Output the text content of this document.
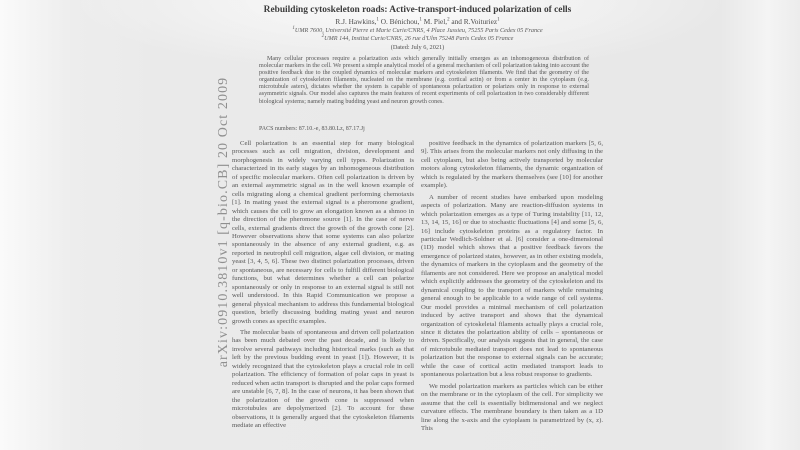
arXiv:0910.3810v1 [q-bio.CB] 20 Oct 2009
Rebuilding cytoskeleton roads: Active-transport-induced polarization of cells
R.J. Hawkins,$^1$ O. Bénichou,$^1$ M. Piel,$^2$ and R.Voituriez$^1$
$^1$UMR 7600, Université Pierre et Marie Curie/CNRS, 4 Place Jussieu, 75255 Paris Cedex 05 France
$^2$UMR 144, Institut Curie/CNRS, 26 rue d'Ulm 75248 Paris Cedex 05 France
(Dated: July 6, 2021)
Many cellular processes require a polarization axis which generally initially emerges as an inhomogeneous distribution of molecular markers in the cell. We present a simple analytical model of a general mechanism of cell polarization taking into account the positive feedback due to the coupled dynamics of molecular markers and cytoskeleton filaments. We find that the geometry of the organization of cytoskeleton filaments, nucleated on the membrane (e.g. cortical actin) or from a center in the cytoplasm (e.g. microtubule asters), dictates whether the system is capable of spontaneous polarization or polarizes only in response to external asymmetric signals. Our model also captures the main features of recent experiments of cell polarization in two considerably different biological systems; namely mating budding yeast and neuron growth cones.
PACS numbers: 87.10.-e, 83.80.Lz, 87.17.Jj

Cell polarization is an essential step for many biological processes such as cell migration, division, development and morphogenesis in widely varying cell types. Polarization is characterized in its early stages by an inhomogeneous distribution of specific molecular markers. Often cell polarization is driven by an external asymmetric signal as in the well known example of cells migrating along a chemical gradient performing chemotaxis [1]. In mating yeast the external signal is a pheromone gradient, which causes the cell to grow an elongation known as a shmoo in the direction of the pheromone source [1]. In the case of nerve cells, external gradients direct the growth of the growth cone [2]. However observations show that some systems can also polarize spontaneously in the absence of any external gradient, e.g. as reported in neutrophil cell migration, algae cell division, or mating yeast [3, 4, 5, 6]. These two distinct polarization processes, driven or spontaneous, are necessary for cells to fulfill different biological functions, but what determines whether a cell can polarize spontaneously or only in response to an external signal is still not well understood. In this Rapid Communication we propose a general physical mechanism to address this fundamental biological question, briefly discussing budding mating yeast and neuron growth cones as specific examples.

The molecular basis of spontaneous and driven cell polarization has been much debated over the past decade, and is likely to involve several pathways including historical marks (such as that left by the previous budding event in yeast [1]). However, it is widely recognized that the cytoskeleton plays a crucial role in cell polarization. The efficiency of formation of polar caps in yeast is reduced when actin transport is disrupted and the polar caps formed are unstable [6, 7, 8]. In the case of neurons, it has been shown that the polarization of the growth cone is suppressed when microtubules are depolymerized [2]. To account for these observations, it is generally argued that the cytoskeleton filaments mediate an effective

positive feedback in the dynamics of polarization markers [5, 6, 9]. This arises from the molecular markers not only diffusing in the cell cytoplasm, but also being actively transported by molecular motors along cytoskeleton filaments, the dynamic organization of which is regulated by the markers themselves (see [10] for another example).

A number of recent studies have embarked upon modeling aspects of polarization. Many are reaction-diffusion systems in which polarization emerges as a type of Turing instability [11, 12, 13, 14, 15, 16] or due to stochastic fluctuations [4] and some [5, 6, 16] include cytoskeleton proteins as a regulatory factor. In particular Wedlich-Soldner et al. [6] consider a one-dimensional (1D) model which shows that a positive feedback favors the emergence of polarized states, however, as in other existing models, the dynamics of markers in the cytoplasm and the geometry of the filaments are not considered. Here we propose an analytical model which explicitly addresses the geometry of the cytoskeleton and its dynamical coupling to the transport of markers while remaining general enough to be applicable to a wide range of cell systems. Our model provides a minimal mechanism of cell polarization induced by active transport and shows that the dynamical organization of cytoskeletal filaments actually plays a crucial role, since it dictates the polarization ability of cells – spontaneous or driven. Specifically, our analysis suggests that in general, the case of microtubule mediated transport does not lead to spontaneous polarization but the response to external signals can be accurate; while the case of cortical actin mediated transport leads to spontaneous polarization but a less robust response to gradients.

We model polarization markers as particles which can be either on the membrane or in the cytoplasm of the cell. For simplicity we assume that the cell is essentially bidimensional and we neglect curvature effects. The membrane boundary is then taken as a 1D line along the x-axis and the cytoplasm is parametrized by (x, z). This
